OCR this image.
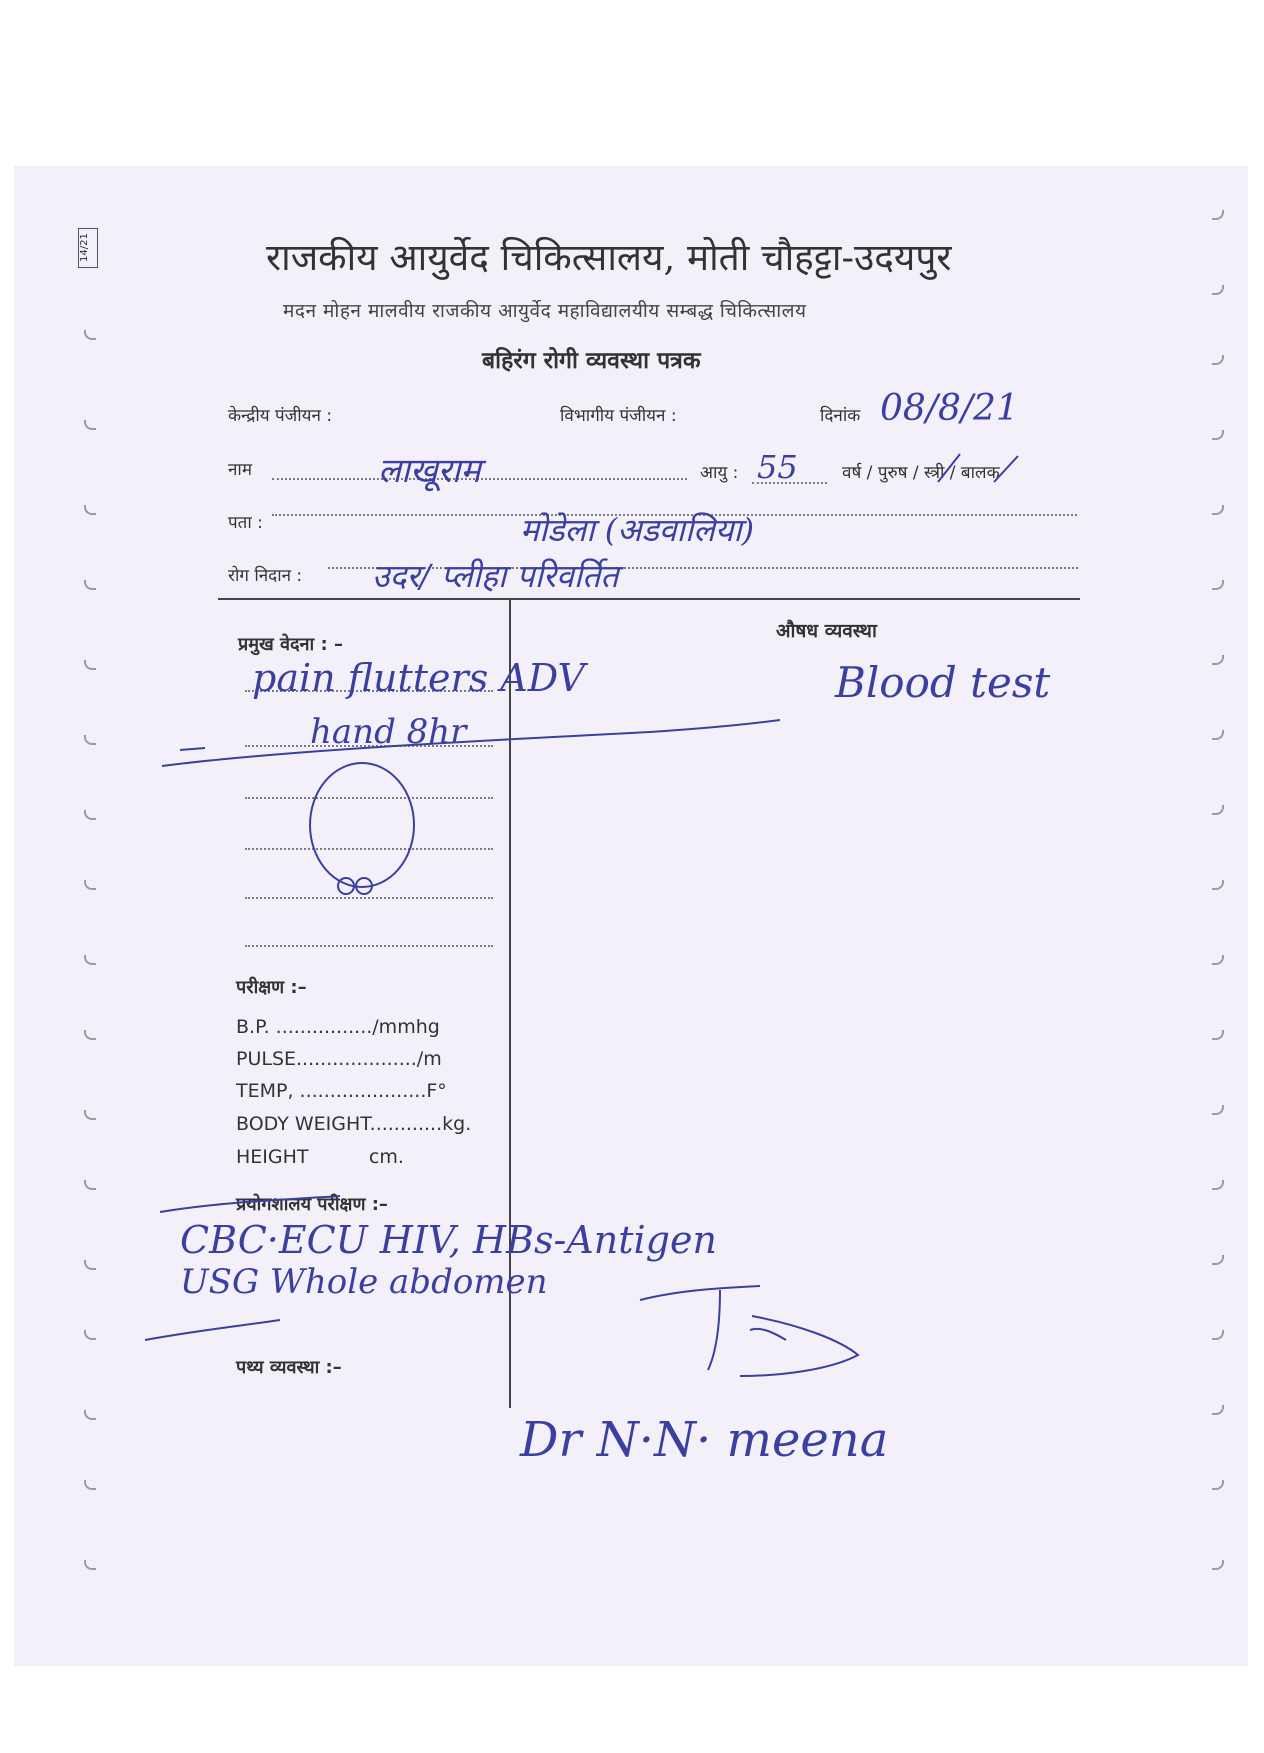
14/21	राजकीय आयुर्वेद चिकित्सालय, मोती चौहट्टा-उदयपुर
मदन मोहन मालवीय राजकीय आयुर्वेद महाविद्यालयीय सम्बद्ध चिकित्सालय
बहिरंग रोगी व्यवस्था पत्रक
केन्द्रीय पंजीयन :	विभागीय पंजीयन :	दिनांक 08/8/21
नाम	लाखूराम	आयु : 55	वर्ष / पुरुष / स्त्री / बालक
पता :	मोडेला (अडवालिया)
रोग निदान : उदर/ प्लीहा परिवर्तित
प्रमुख वेदना : –
pain flutters ADV
hand 8hr
परीक्षण :–
B.P. ................/mmhg
PULSE..................../m
TEMP, .....................F°
BODY WEIGHT............kg.
HEIGHT          cm.
प्रयोगशालय परीक्षण :–
CBC·ECU HIV, HBs-Antigen
USG Whole abdomen
पथ्य व्यवस्था :–
औषध व्यवस्था
Blood test
Dr N·N· meena
